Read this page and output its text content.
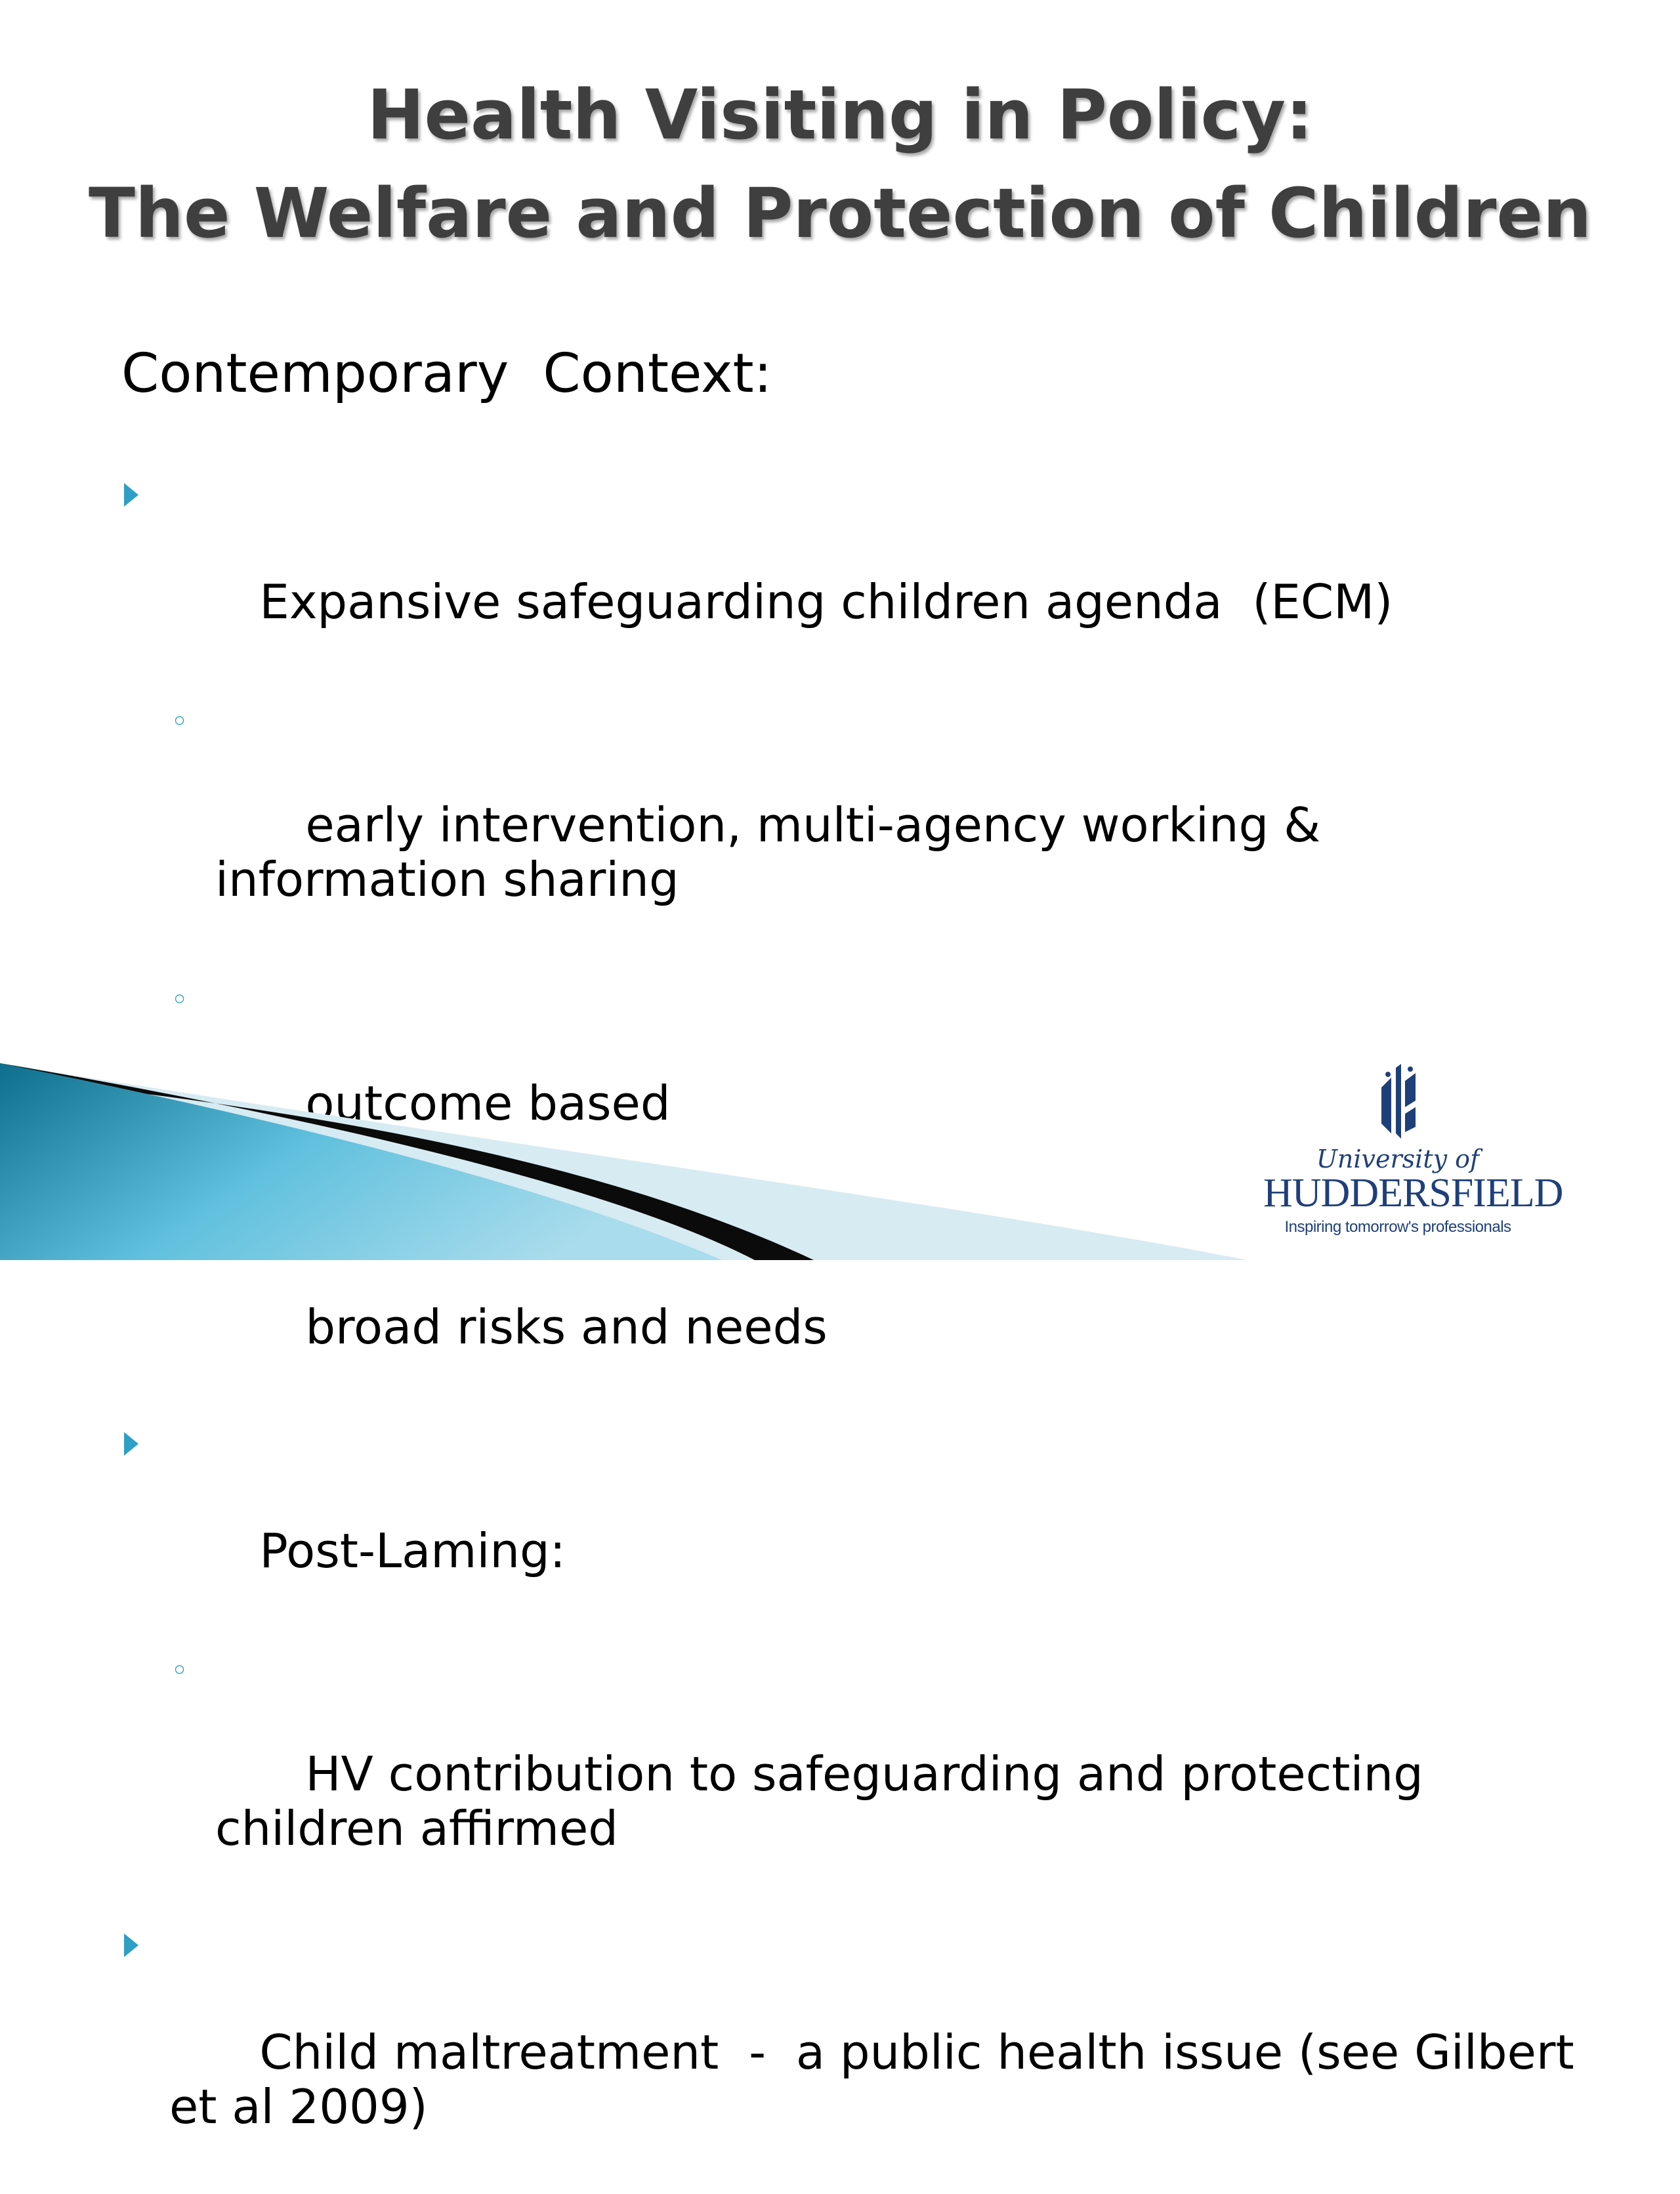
Health Visiting in Policy:
The Welfare and Protection of Children
Contemporary  Context:

Expansive safeguarding children agenda  (ECM)

◦

early intervention, multi-agency working & information sharing

◦

outcome based

broad risks and needs

Post-Laming:

◦

HV contribution to safeguarding and protecting children affirmed

Child maltreatment  -  a public health issue (see Gilbert et al 2009)

University of
HUDDERSFIELD
Inspiring tomorrow's professionals
